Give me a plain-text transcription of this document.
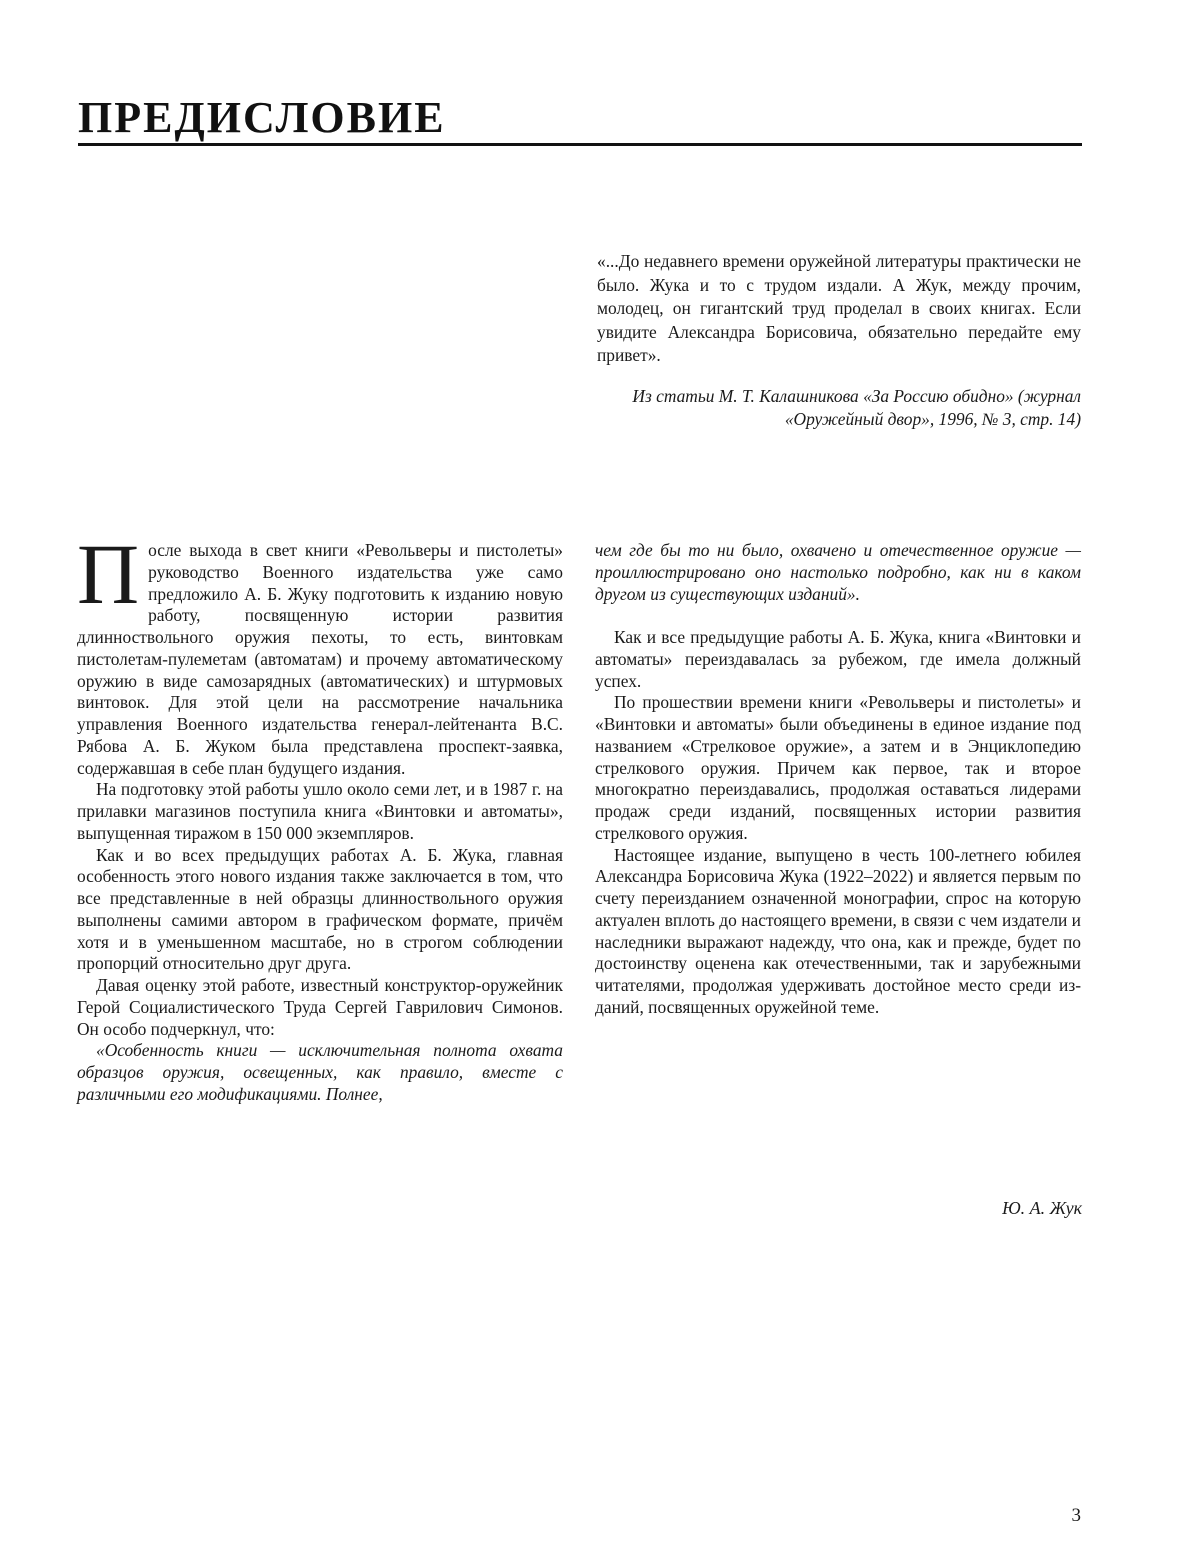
ПРЕДИСЛОВИЕ

«...До недавнего времени оружейной литературы практически не было. Жука и то с трудом издали. А Жук, между прочим, молодец, он гигантский труд проделал в своих книгах. Если увидите Александра Борисовича, обязательно передайте ему привет».

Из статьи М. Т. Калашникова «За Россию обидно» (журнал «Оружейный двор», 1996, № 3, стр. 14)

После выхода в свет книги «Револьверы и пистолеты» руководство Военного издательства уже само предложило А. Б. Жуку подготовить к изданию новую работу, посвященную истории развития длинноствольного оружия пехоты, то есть, винтовкам пистолетам-пулеметам (автоматам) и прочему автоматическому оружию в виде самозарядных (автоматических) и штурмовых винтовок. Для этой цели на рассмотрение начальника управления Военного издательства генерал-лейтенанта В.С. Рябова А. Б. Жуком была представлена проспект-заявка, содержавшая в себе план будущего издания.

На подготовку этой работы ушло около семи лет, и в 1987 г. на прилавки магазинов поступила книга «Винтовки и автоматы», выпущенная тиражом в 150 000 экземпляров.

Как и во всех предыдущих работах А. Б. Жука, главная особенность этого нового издания также заключается в том, что все представленные в ней образцы длинноствольного оружия выполнены самими автором в графическом формате, причём хотя и в уменьшенном масштабе, но в строгом соблюдении пропорций относительно друг друга.

Давая оценку этой работе, известный конструктор-оружейник Герой Социалистического Труда Сергей Гаврилович Симонов. Он особо подчеркнул, что:

«Особенность книги — исключительная полнота охвата образцов оружия, освещенных, как правило, вместе с различными его модификациями. Полнее,

чем где бы то ни было, охвачено и отечественное оружие — проиллюстрировано оно настолько подробно, как ни в каком другом из существующих изданий».

Как и все предыдущие работы А. Б. Жука, книга «Винтовки и автоматы» переиздавалась за рубежом, где имела должный успех.

По прошествии времени книги «Револьверы и пистолеты» и «Винтовки и автоматы» были объединены в единое издание под названием «Стрелковое оружие», а затем и в Энциклопедию стрелкового оружия. Причем как первое, так и второе многократно переиздавались, продолжая оставаться лидерами продаж среди изданий, посвященных истории развития стрелкового оружия.

Настоящее издание, выпущено в честь 100-летнего юбилея Александра Борисовича Жука (1922–2022) и является первым по счету переизданием означенной монографии, спрос на которую актуален вплоть до настоящего времени, в связи с чем издатели и наследники выражают надежду, что она, как и прежде, будет по достоинству оценена как отечественными, так и зарубежными читателями, продолжая удерживать достойное место среди изданий, посвященных оружейной теме.

Ю. А. Жук

3
